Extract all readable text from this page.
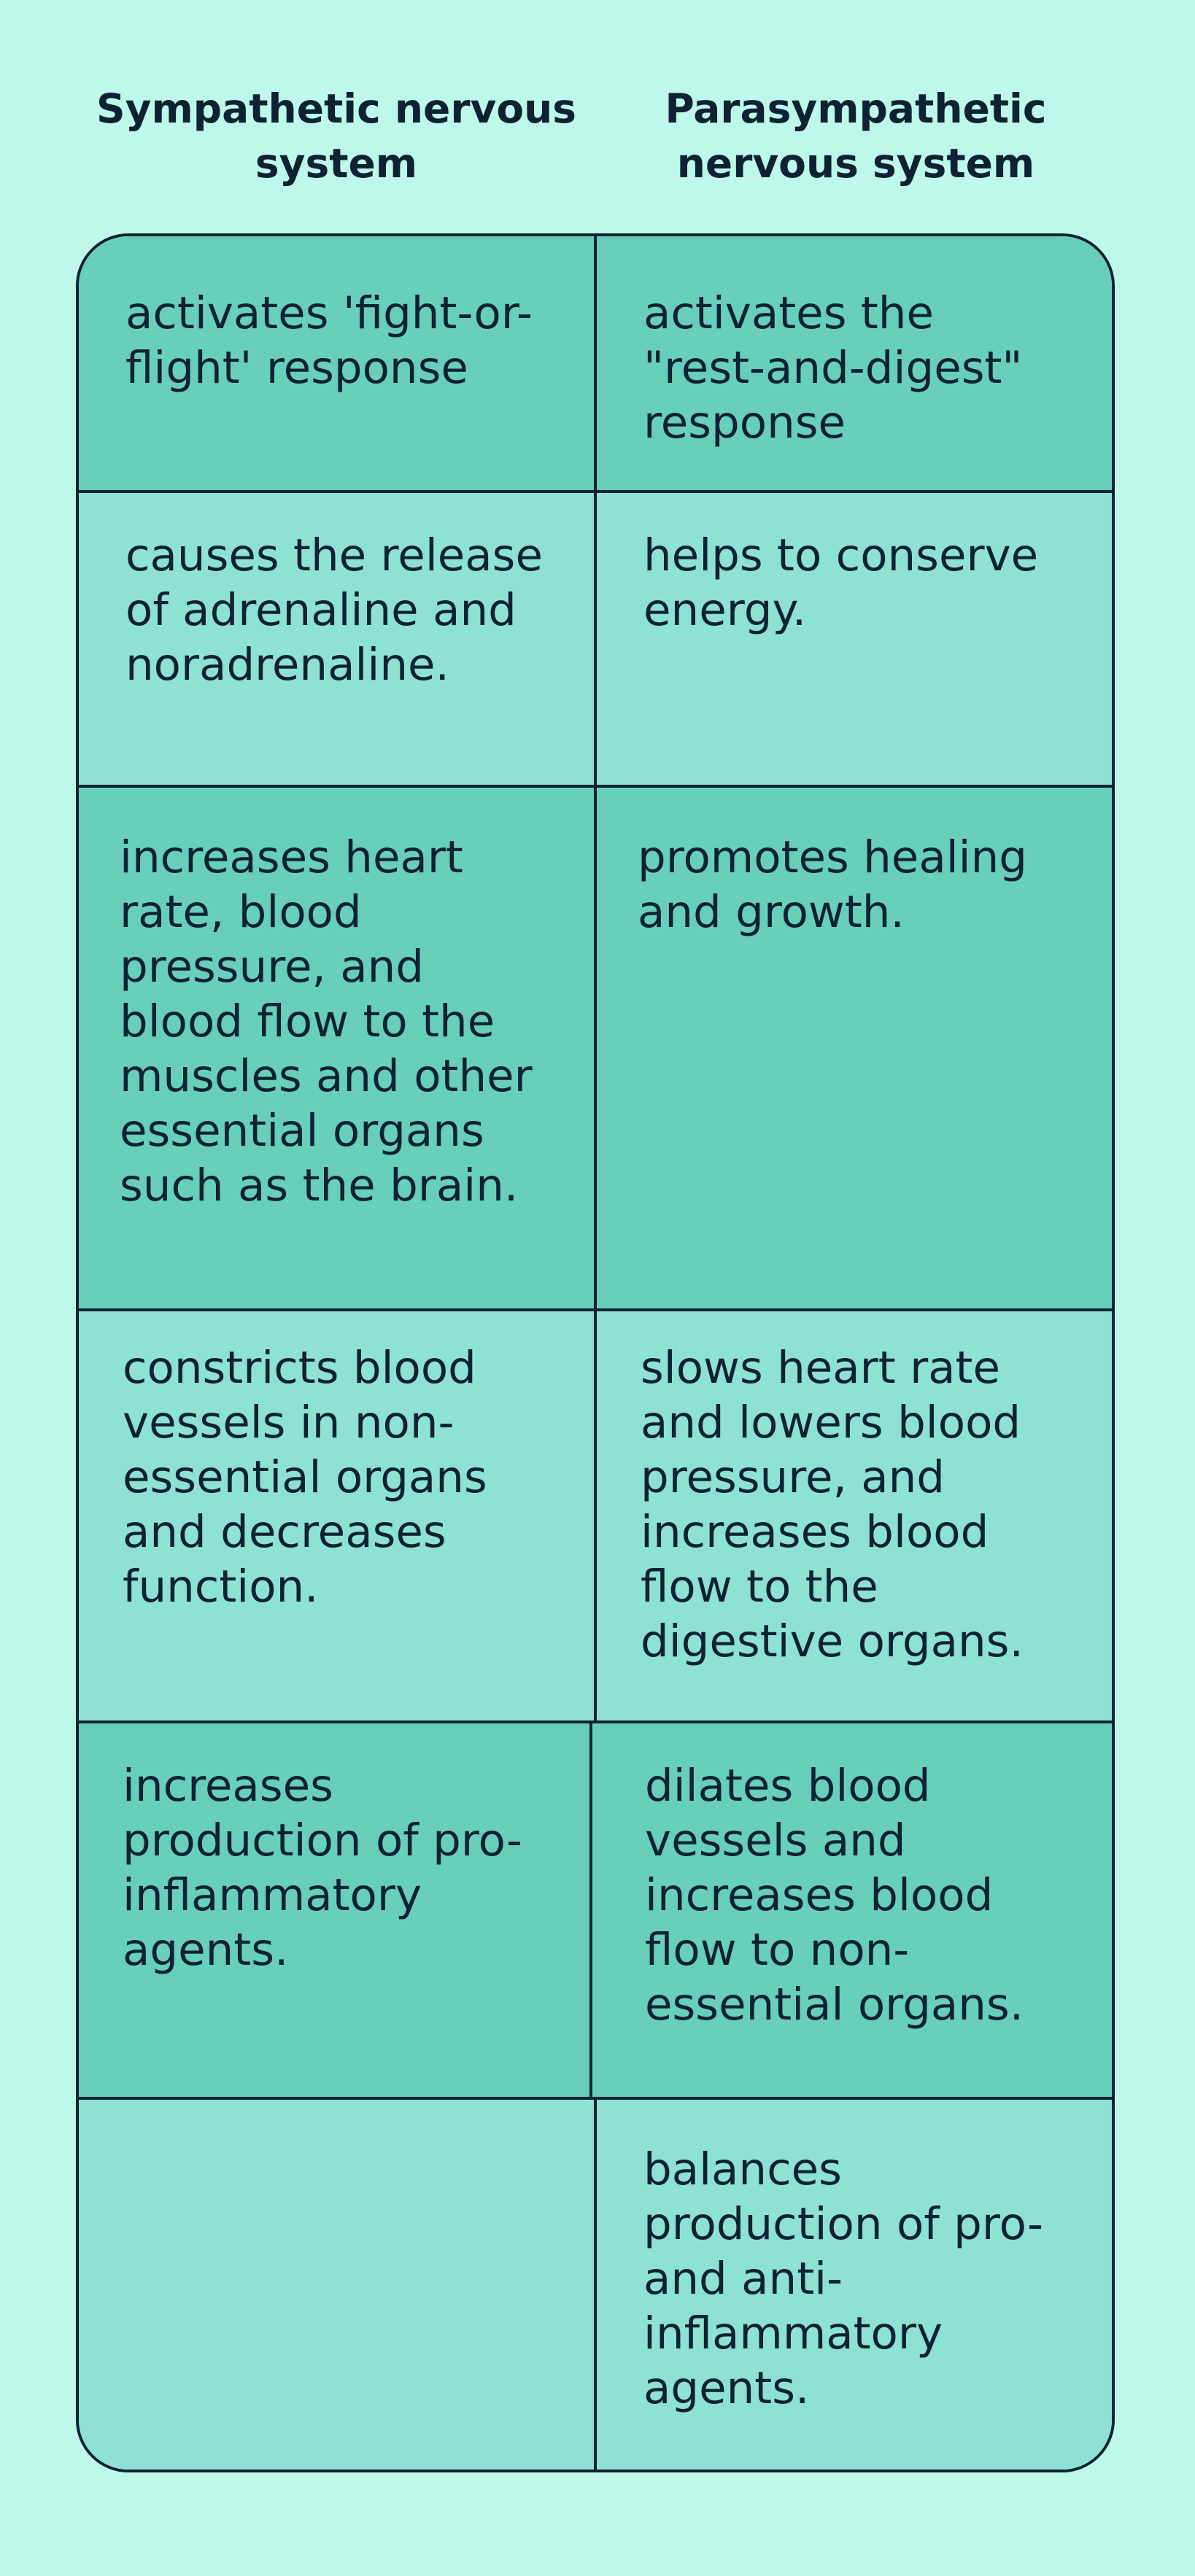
Sympathetic nervous system
Parasympathetic nervous system
activates 'fight-or-flight' response
activates the "rest-and-digest" response
causes the release of adrenaline and noradrenaline.
helps to conserve energy.
increases heart rate, blood pressure, and blood flow to the muscles and other essential organs such as the brain.
promotes healing and growth.
constricts blood vessels in non-essential organs and decreases function.
slows heart rate and lowers blood pressure, and increases blood flow to the digestive organs.
increases production of pro-inflammatory agents.
dilates blood vessels and increases blood flow to non-essential organs.
balances production of pro- and anti-inflammatory agents.
